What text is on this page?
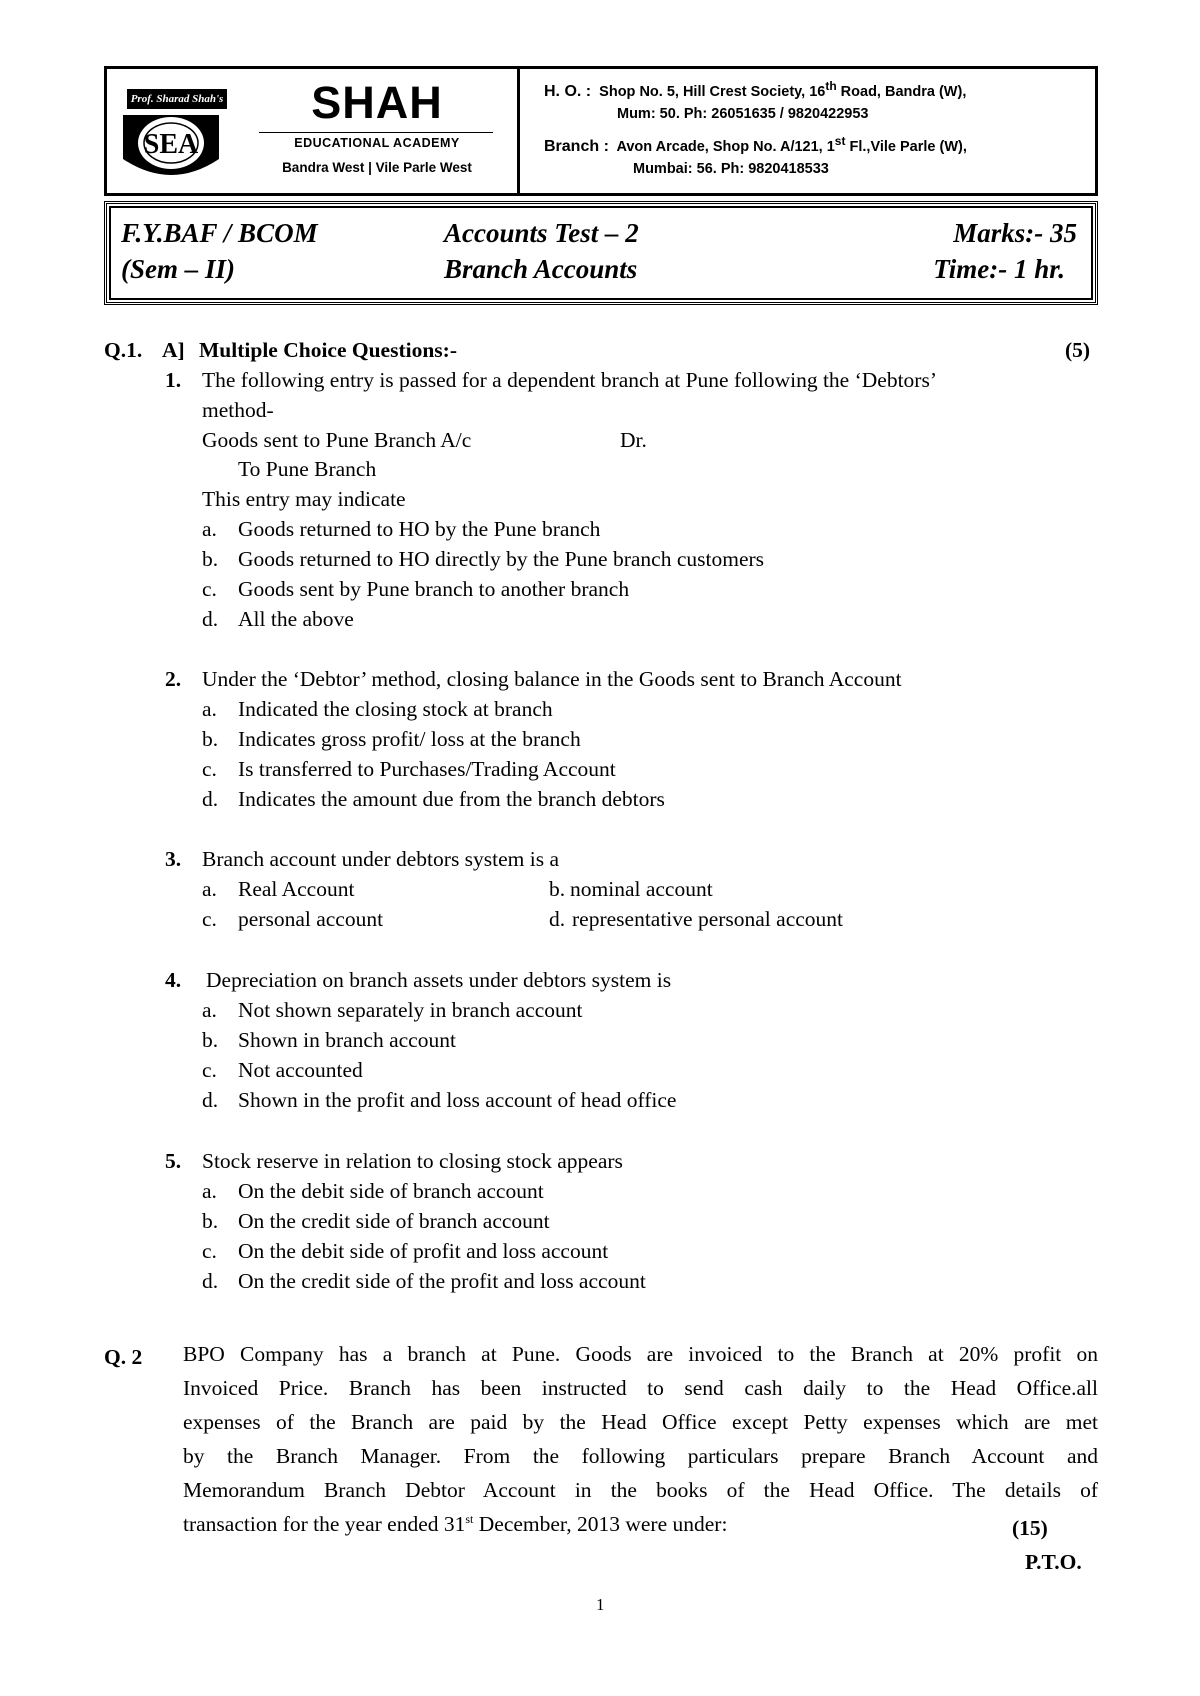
Prof. Sharad Shah's
SEA
SHAH
EDUCATIONAL ACADEMY
Bandra West | Vile Parle West
H. O. : Shop No. 5, Hill Crest Society, 16th Road, Bandra (W),
Mum: 50. Ph: 26051635 / 9820422953
Branch : Avon Arcade, Shop No. A/121, 1st Fl.,Vile Parle (W),
Mumbai: 56. Ph: 9820418533
F.Y.BAF / BCOM
(Sem – II)
Accounts Test – 2
Branch Accounts
Marks:- 35
Time:- 1 hr.
Q.1. A] Multiple Choice Questions:-	(5)
1. The following entry is passed for a dependent branch at Pune following the ‘Debtors’
method-
Goods sent to Pune Branch A/c	Dr.
To Pune Branch
This entry may indicate
a. Goods returned to HO by the Pune branch
b. Goods returned to HO directly by the Pune branch customers
c. Goods sent by Pune branch to another branch
d. All the above
2. Under the ‘Debtor’ method, closing balance in the Goods sent to Branch Account
a. Indicated the closing stock at branch
b. Indicates gross profit/ loss at the branch
c. Is transferred to Purchases/Trading Account
d. Indicates the amount due from the branch debtors
3. Branch account under debtors system is a
a. Real Account	b. nominal account
c. personal account	d. representative personal account
4. Depreciation on branch assets under debtors system is
a. Not shown separately in branch account
b. Shown in branch account
c. Not accounted
d. Shown in the profit and loss account of head office
5. Stock reserve in relation to closing stock appears
a. On the debit side of branch account
b. On the credit side of branch account
c. On the debit side of profit and loss account
d. On the credit side of the profit and loss account
Q. 2 BPO Company has a branch at Pune. Goods are invoiced to the Branch at 20% profit on
Invoiced Price. Branch has been instructed to send cash daily to the Head Office.all
expenses of the Branch are paid by the Head Office except Petty expenses which are met
by the Branch Manager. From the following particulars prepare Branch Account and
Memorandum Branch Debtor Account in the books of the Head Office. The details of
transaction for the year ended 31st December, 2013 were under:	(15)
P.T.O.
1
